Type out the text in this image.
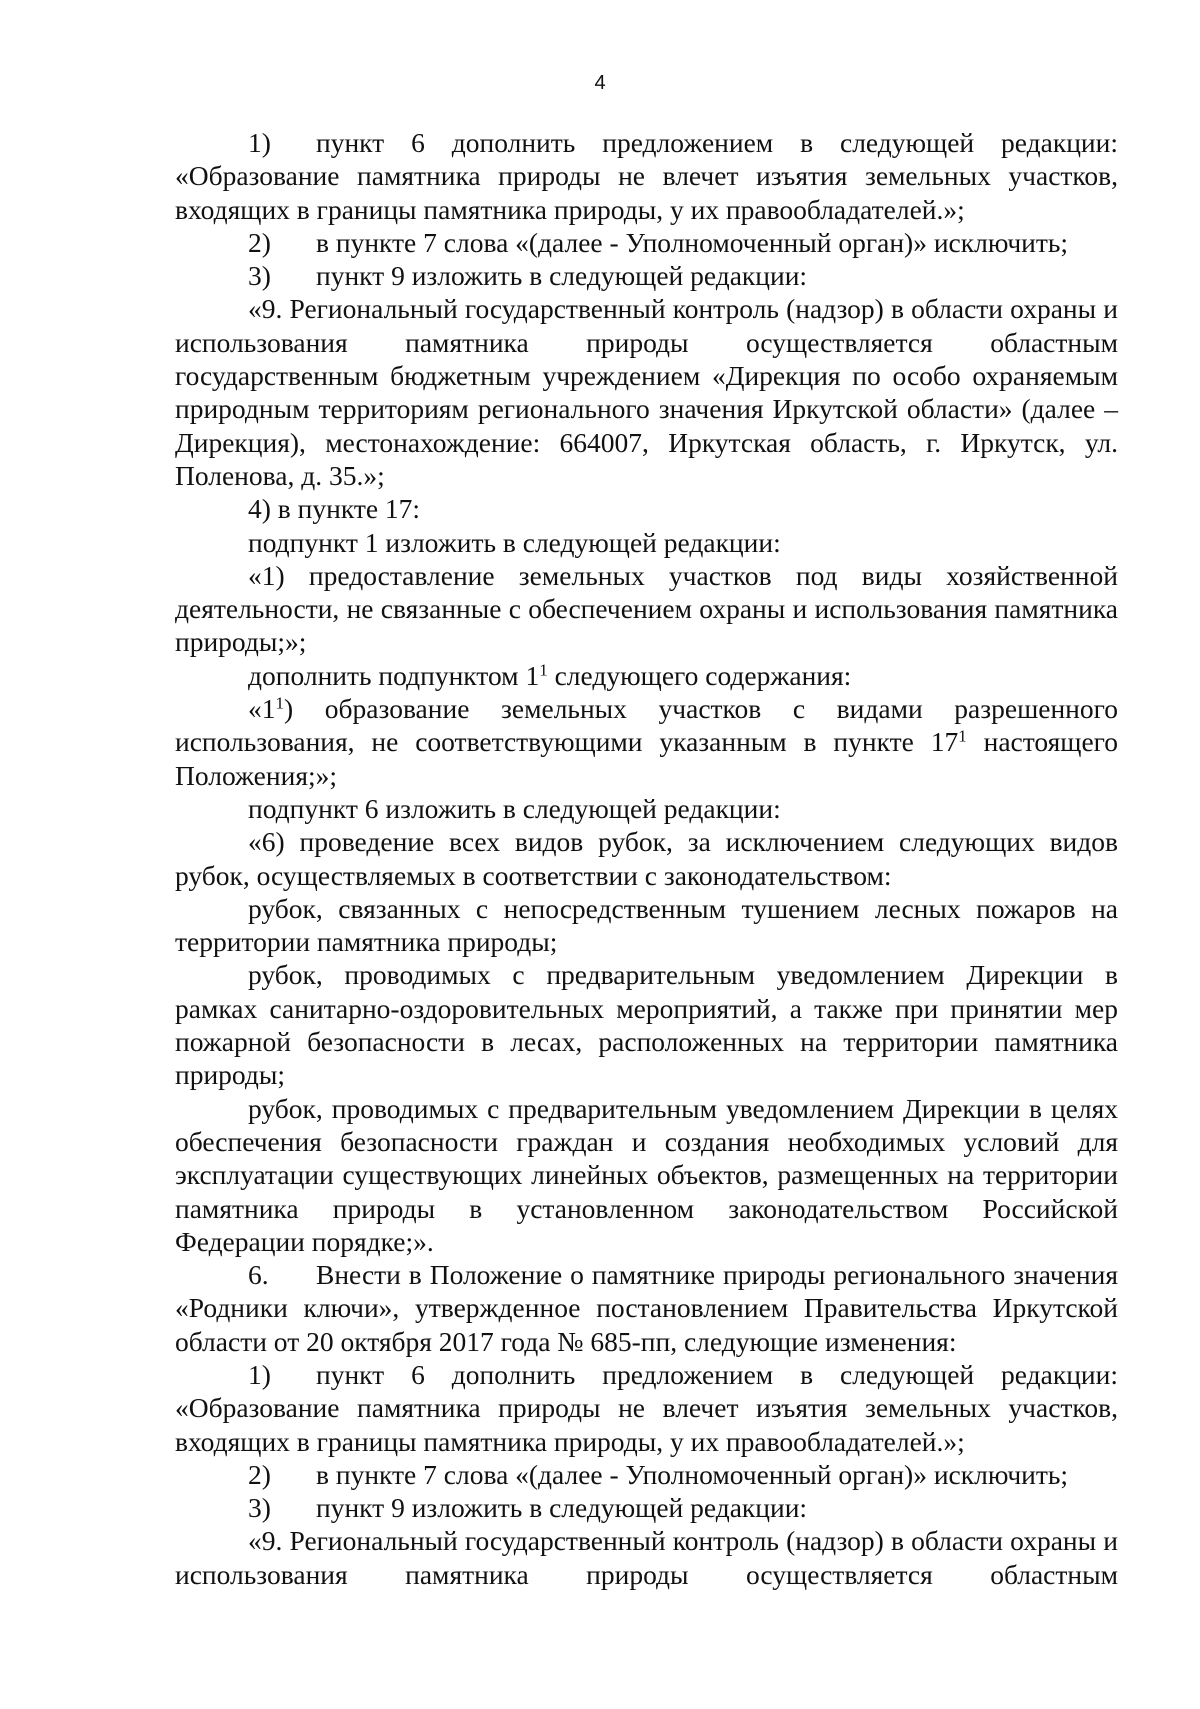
4

1) пункт 6 дополнить предложением в следующей редакции: «Образование памятника природы не влечет изъятия земельных участков, входящих в границы памятника природы, у их правообладателей.»;

2) в пункте 7 слова «(далее - Уполномоченный орган)» исключить;

3) пункт 9 изложить в следующей редакции:

«9. Региональный государственный контроль (надзор) в области охраны и использования памятника природы осуществляется областным государственным бюджетным учреждением «Дирекция по особо охраняемым природным территориям регионального значения Иркутской области» (далее – Дирекция), местонахождение: 664007, Иркутская область, г. Иркутск, ул. Поленова, д. 35.»;

4) в пункте 17:

подпункт 1 изложить в следующей редакции:

«1) предоставление земельных участков под виды хозяйственной деятельности, не связанные с обеспечением охраны и использования памятника природы;»;

дополнить подпунктом $1^1$ следующего содержания:

«$1^1$) образование земельных участков с видами разрешенного использования, не соответствующими указанным в пункте $17^1$ настоящего Положения;»;

подпункт 6 изложить в следующей редакции:

«6) проведение всех видов рубок, за исключением следующих видов рубок, осуществляемых в соответствии с законодательством:

рубок, связанных с непосредственным тушением лесных пожаров на территории памятника природы;

рубок, проводимых с предварительным уведомлением Дирекции в рамках санитарно-оздоровительных мероприятий, а также при принятии мер пожарной безопасности в лесах, расположенных на территории памятника природы;

рубок, проводимых с предварительным уведомлением Дирекции в целях обеспечения безопасности граждан и создания необходимых условий для эксплуатации существующих линейных объектов, размещенных на территории памятника природы в установленном законодательством Российской Федерации порядке;».

6. Внести в Положение о памятнике природы регионального значения «Родники ключи», утвержденное постановлением Правительства Иркутской области от 20 октября 2017 года № 685-пп, следующие изменения:

1) пункт 6 дополнить предложением в следующей редакции: «Образование памятника природы не влечет изъятия земельных участков, входящих в границы памятника природы, у их правообладателей.»;

2) в пункте 7 слова «(далее - Уполномоченный орган)» исключить;

3) пункт 9 изложить в следующей редакции:

«9. Региональный государственный контроль (надзор) в области охраны и использования памятника природы осуществляется областным
